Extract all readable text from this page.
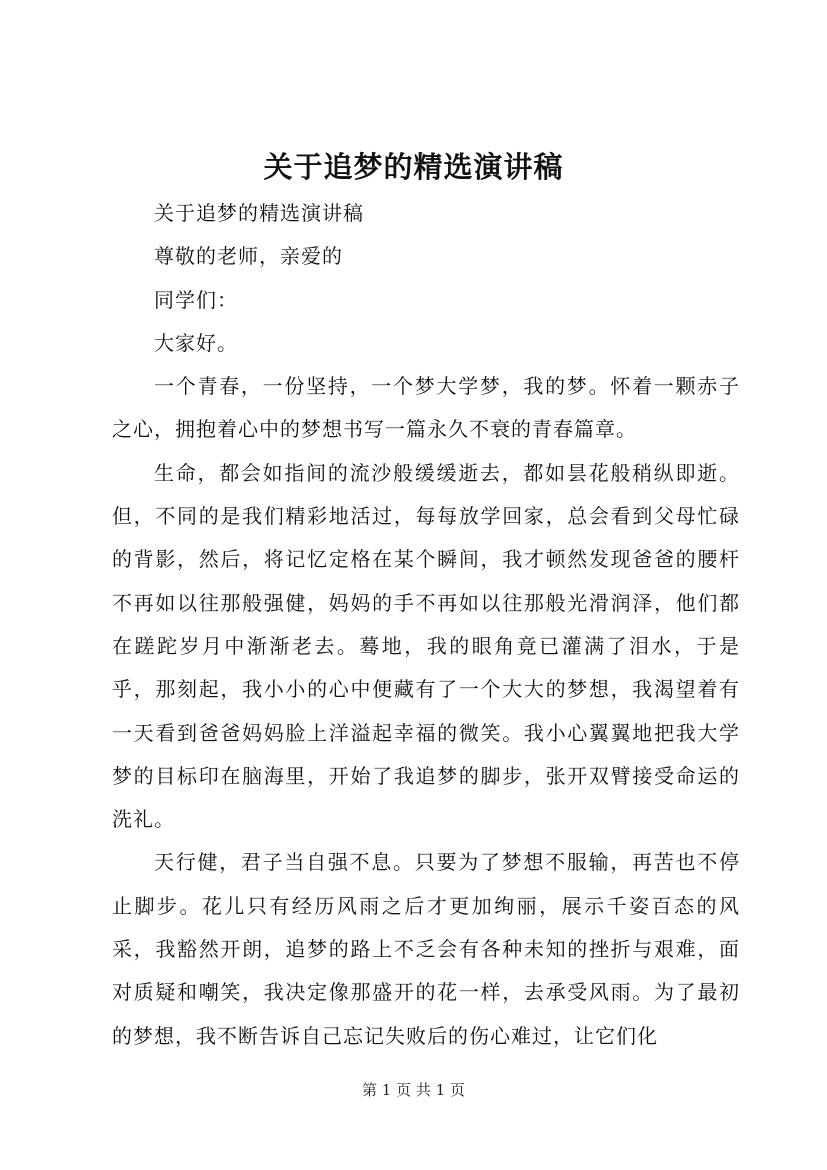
关于追梦的精选演讲稿

关于追梦的精选演讲稿

尊敬的老师，亲爱的

同学们：

大家好。

一个青春，一份坚持，一个梦大学梦，我的梦。怀着一颗赤子之心，拥抱着心中的梦想书写一篇永久不衰的青春篇章。

生命，都会如指间的流沙般缓缓逝去，都如昙花般稍纵即逝。但，不同的是我们精彩地活过，每每放学回家，总会看到父母忙碌的背影，然后，将记忆定格在某个瞬间，我才顿然发现爸爸的腰杆不再如以往那般强健，妈妈的手不再如以往那般光滑润泽，他们都在蹉跎岁月中渐渐老去。蓦地，我的眼角竟已灌满了泪水，于是乎，那刻起，我小小的心中便藏有了一个大大的梦想，我渴望着有一天看到爸爸妈妈脸上洋溢起幸福的微笑。我小心翼翼地把我大学梦的目标印在脑海里，开始了我追梦的脚步，张开双臂接受命运的洗礼。

天行健，君子当自强不息。只要为了梦想不服输，再苦也不停止脚步。花儿只有经历风雨之后才更加绚丽，展示千姿百态的风采，我豁然开朗，追梦的路上不乏会有各种未知的挫折与艰难，面对质疑和嘲笑，我决定像那盛开的花一样，去承受风雨。为了最初的梦想，我不断告诉自己忘记失败后的伤心难过，让它们化

第 1 页 共 1 页
